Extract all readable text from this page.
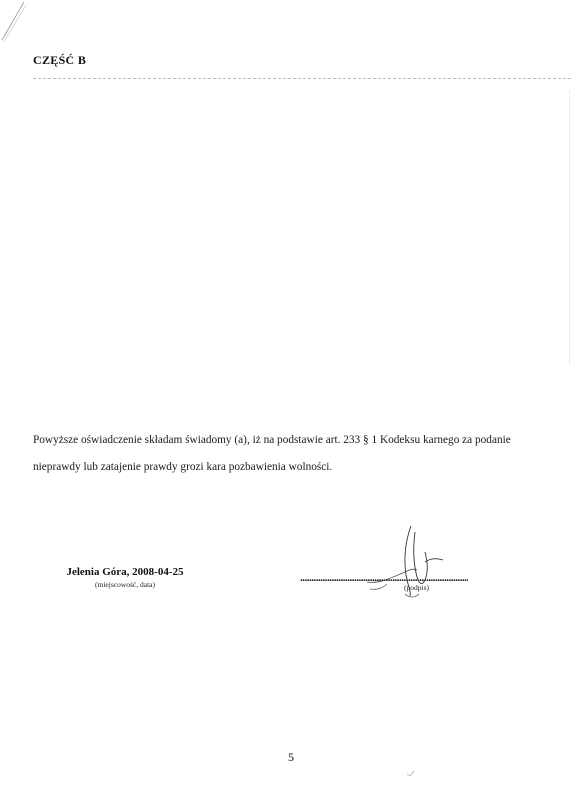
CZĘŚĆ B
Powyższe oświadczenie składam świadomy (a), iż na podstawie art. 233 § 1 Kodeksu karnego za podanie
nieprawdy lub zatajenie prawdy grozi kara pozbawienia wolności.
Jelenia Góra, 2008-04-25
(miejscowość, data)
.....	(podpis)
5
